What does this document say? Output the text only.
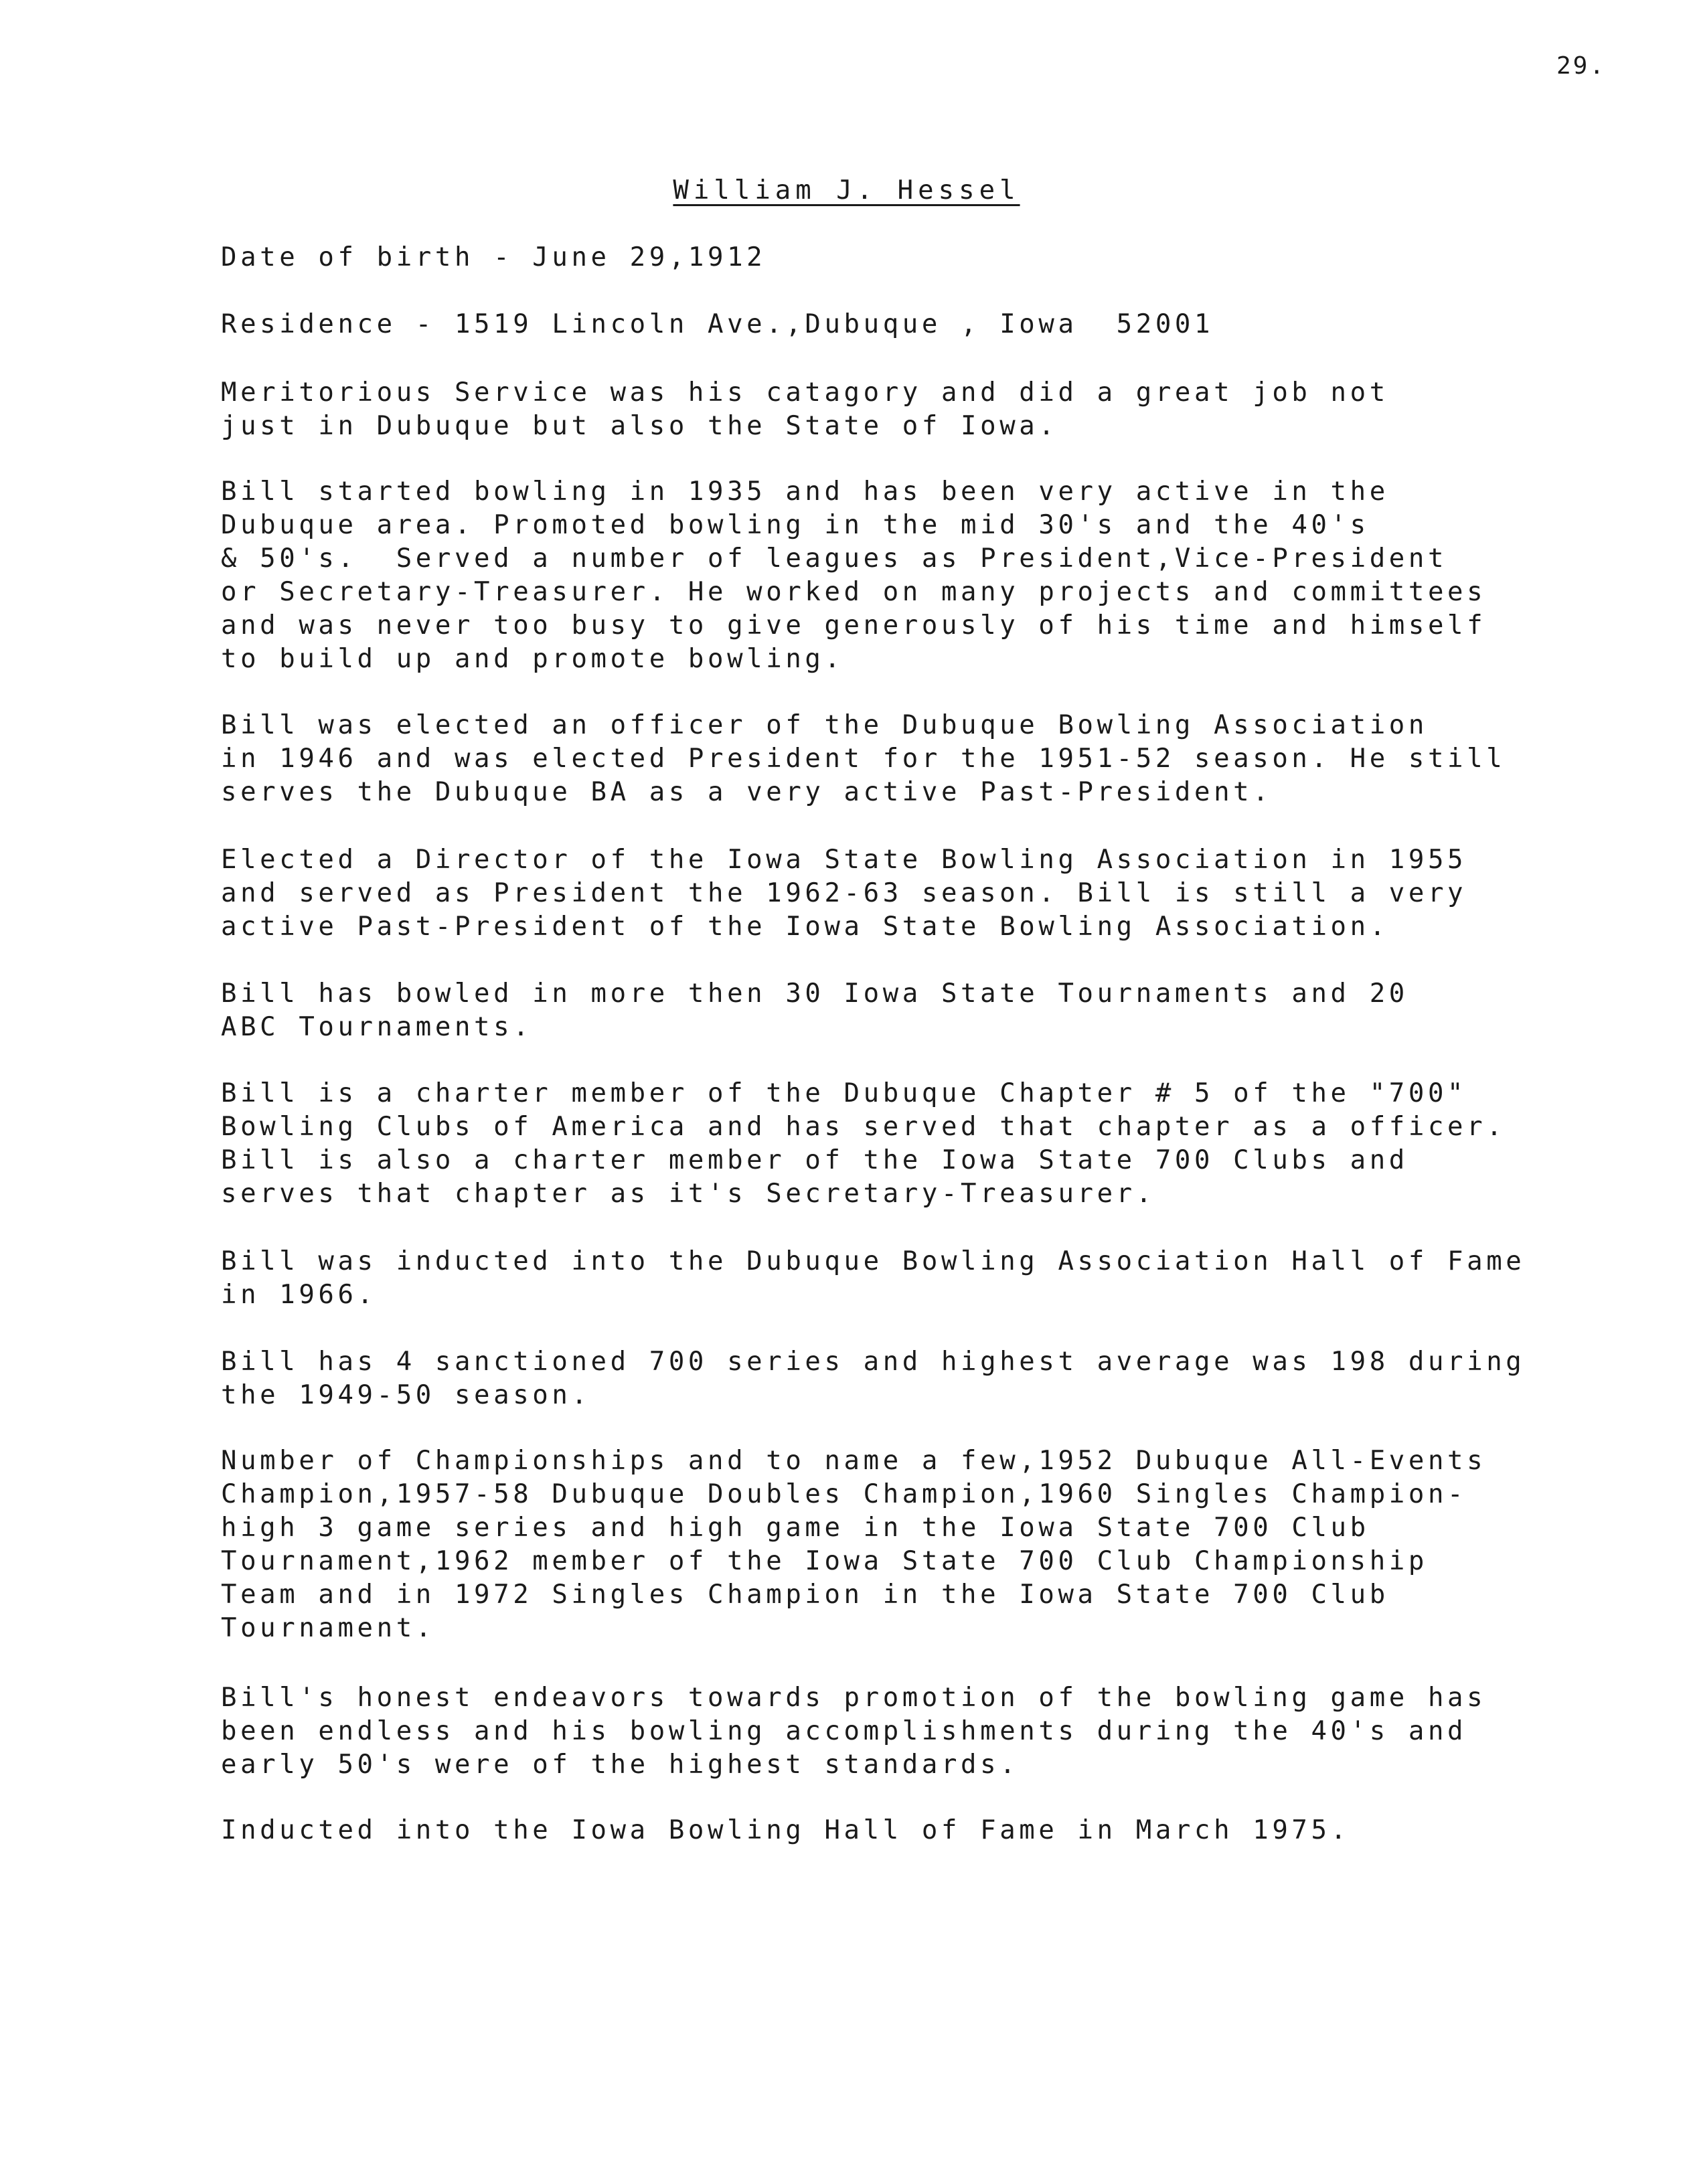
29.
William J. Hessel
Date of birth - June 29,1912
Residence - 1519 Lincoln Ave.,Dubuque , Iowa  52001
Meritorious Service was his catagory and did a great job not
just in Dubuque but also the State of Iowa.
Bill started bowling in 1935 and has been very active in the
Dubuque area. Promoted bowling in the mid 30's and the 40's
& 50's.  Served a number of leagues as President,Vice-President
or Secretary-Treasurer. He worked on many projects and committees
and was never too busy to give generously of his time and himself
to build up and promote bowling.
Bill was elected an officer of the Dubuque Bowling Association
in 1946 and was elected President for the 1951-52 season. He still
serves the Dubuque BA as a very active Past-President.
Elected a Director of the Iowa State Bowling Association in 1955
and served as President the 1962-63 season. Bill is still a very
active Past-President of the Iowa State Bowling Association.
Bill has bowled in more then 30 Iowa State Tournaments and 20
ABC Tournaments.
Bill is a charter member of the Dubuque Chapter # 5 of the "700"
Bowling Clubs of America and has served that chapter as a officer.
Bill is also a charter member of the Iowa State 700 Clubs and
serves that chapter as it's Secretary-Treasurer.
Bill was inducted into the Dubuque Bowling Association Hall of Fame
in 1966.
Bill has 4 sanctioned 700 series and highest average was 198 during
the 1949-50 season.
Number of Championships and to name a few,1952 Dubuque All-Events
Champion,1957-58 Dubuque Doubles Champion,1960 Singles Champion-
high 3 game series and high game in the Iowa State 700 Club
Tournament,1962 member of the Iowa State 700 Club Championship
Team and in 1972 Singles Champion in the Iowa State 700 Club
Tournament.
Bill's honest endeavors towards promotion of the bowling game has
been endless and his bowling accomplishments during the 40's and
early 50's were of the highest standards.
Inducted into the Iowa Bowling Hall of Fame in March 1975.
